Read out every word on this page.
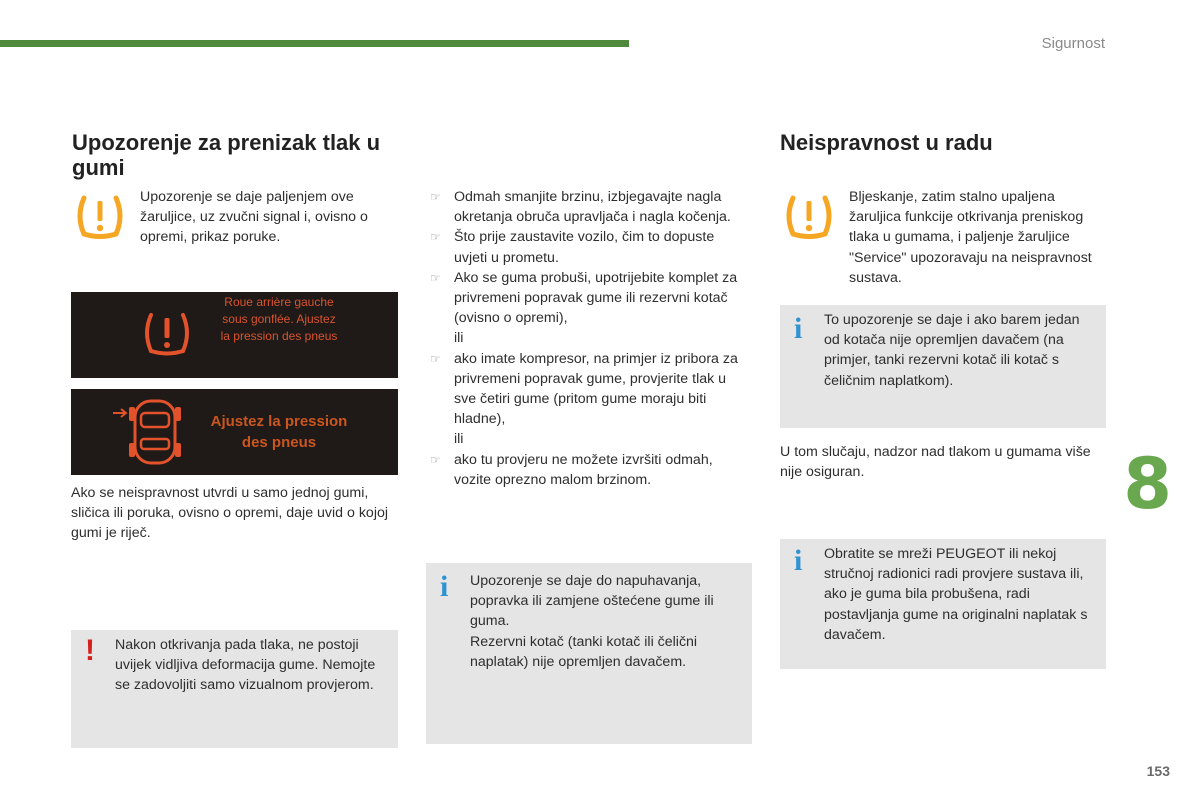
Sigurnost
Upozorenje za prenizak tlak u gumi
Upozorenje se daje paljenjem ove žaruljice, uz zvučni signal i, ovisno o opremi, prikaz poruke.
Roue arrière gauche sous gonflée. Ajustez la pression des pneus
Ajustez la pression des pneus
Ako se neispravnost utvrdi u samo jednoj gumi, sličica ili poruka, ovisno o opremi, daje uvid o kojoj gumi je riječ.
! Nakon otkrivanja pada tlaka, ne postoji uvijek vidljiva deformacija gume. Nemojte se zadovoljiti samo vizualnom provjerom.
☞ Odmah smanjite brzinu, izbjegavajte nagla okretanja obruča upravljača i nagla kočenja.
☞ Što prije zaustavite vozilo, čim to dopuste uvjeti u prometu.
☞ Ako se guma probuši, upotrijebite komplet za privremeni popravak gume ili rezervni kotač (ovisno o opremi),
ili
☞ ako imate kompresor, na primjer iz pribora za privremeni popravak gume, provjerite tlak u sve četiri gume (pritom gume moraju biti hladne),
ili
☞ ako tu provjeru ne možete izvršiti odmah, vozite oprezno malom brzinom.
i Upozorenje se daje do napuhavanja, popravka ili zamjene oštećene gume ili guma.
Rezervni kotač (tanki kotač ili čelični naplatak) nije opremljen davačem.
Neispravnost u radu
Bljeskanje, zatim stalno upaljena žaruljica funkcije otkrivanja preniskog tlaka u gumama, i paljenje žaruljice "Service" upozoravaju na neispravnost sustava.
i To upozorenje se daje i ako barem jedan od kotača nije opremljen davačem (na primjer, tanki rezervni kotač ili kotač s čeličnim naplatkom).
U tom slučaju, nadzor nad tlakom u gumama više nije osiguran.
i Obratite se mreži PEUGEOT ili nekoj stručnoj radionici radi provjere sustava ili, ako je guma bila probušena, radi postavljanja gume na originalni naplatak s davačem.
8
153
